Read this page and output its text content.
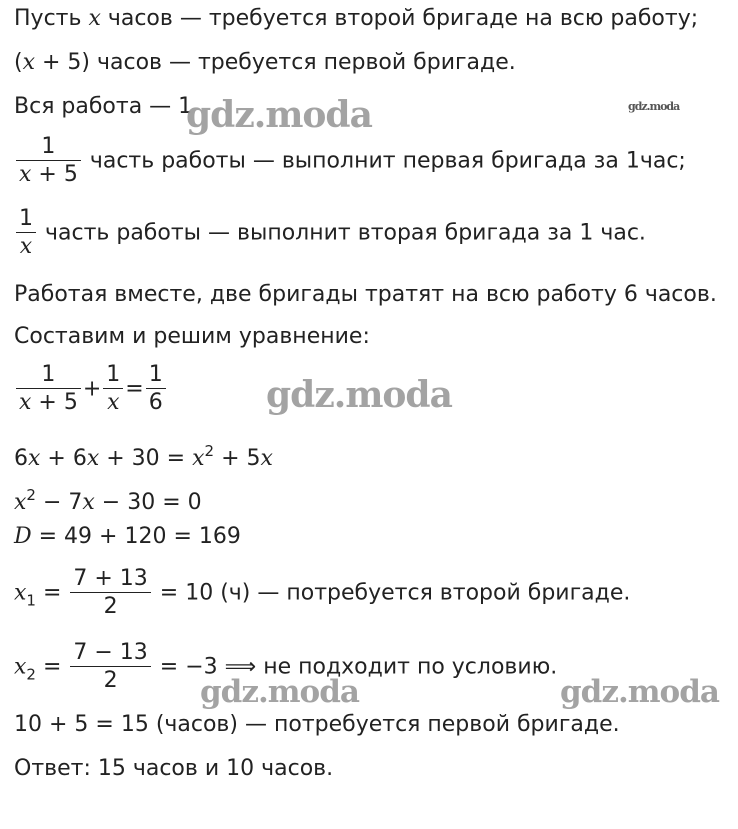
Пусть x часов — требуется второй бригаде на всю работу;
(x + 5) часов — требуется первой бригаде.
Вся работа — 1
$\frac{1}{x + 5}$ часть работы — выполнит первая бригада за 1час;
$\frac{1}{x}$ часть работы — выполнит вторая бригада за 1 час.
Работая вместе, две бригады тратят на всю работу 6 часов.
Составим и решим уравнение:
$\frac{1}{x + 5} + \frac{1}{x} = \frac{1}{6}$
$6x + 6x + 30 = x^2 + 5x$
$x^2 - 7x - 30 = 0$
D = 49 + 120 = 169
$x_1 = \frac{7 + 13}{2} = 10$ (ч) — потребуется второй бригаде.
$x_2 = \frac{7 - 13}{2} = -3$ ⟹ не подходит по условию.
10 + 5 = 15 (часов) — потребуется первой бригаде.
Ответ: 15 часов и 10 часов.
gdz.moda	gdz.moda
gdz.moda
gdz.moda	gdz.moda
